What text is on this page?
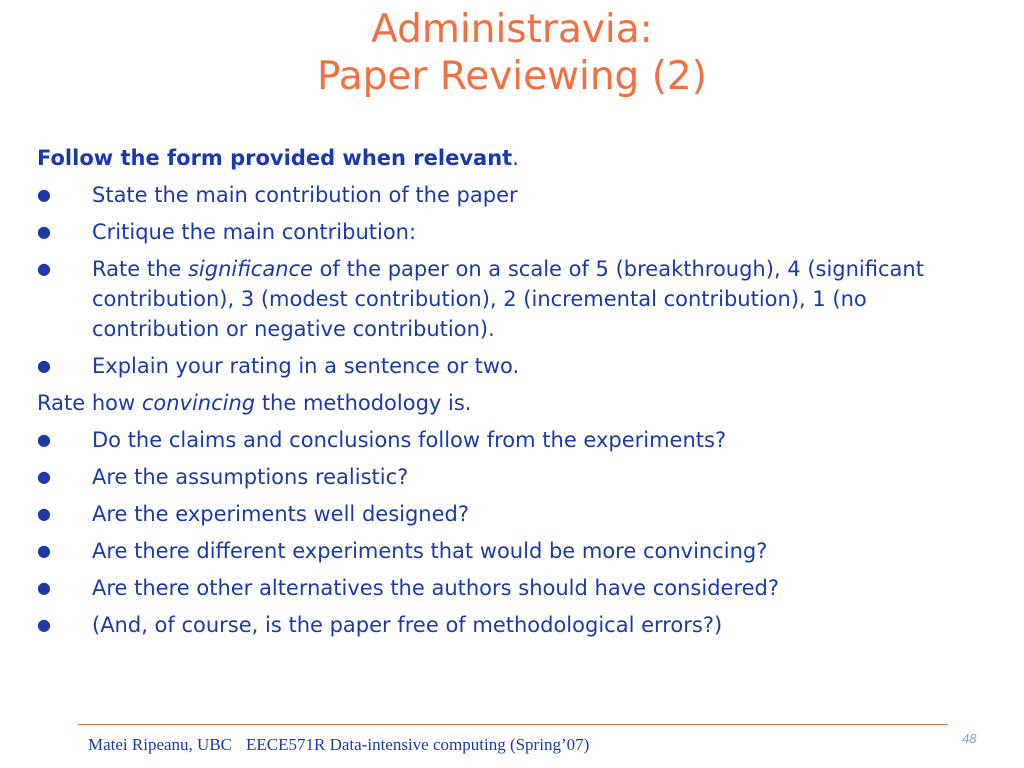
Administravia:
Paper Reviewing (2)
Follow the form provided when relevant.
● State the main contribution of the paper
● Critique the main contribution:
● Rate the significance of the paper on a scale of 5 (breakthrough), 4 (significant contribution), 3 (modest contribution), 2 (incremental contribution), 1 (no contribution or negative contribution).
● Explain your rating in a sentence or two.
Rate how convincing the methodology is.
● Do the claims and conclusions follow from the experiments?
● Are the assumptions realistic?
● Are the experiments well designed?
● Are there different experiments that would be more convincing?
● Are there other alternatives the authors should have considered?
● (And, of course, is the paper free of methodological errors?)
Matei Ripeanu, UBC EECE571R Data-intensive computing (Spring’07)	48
